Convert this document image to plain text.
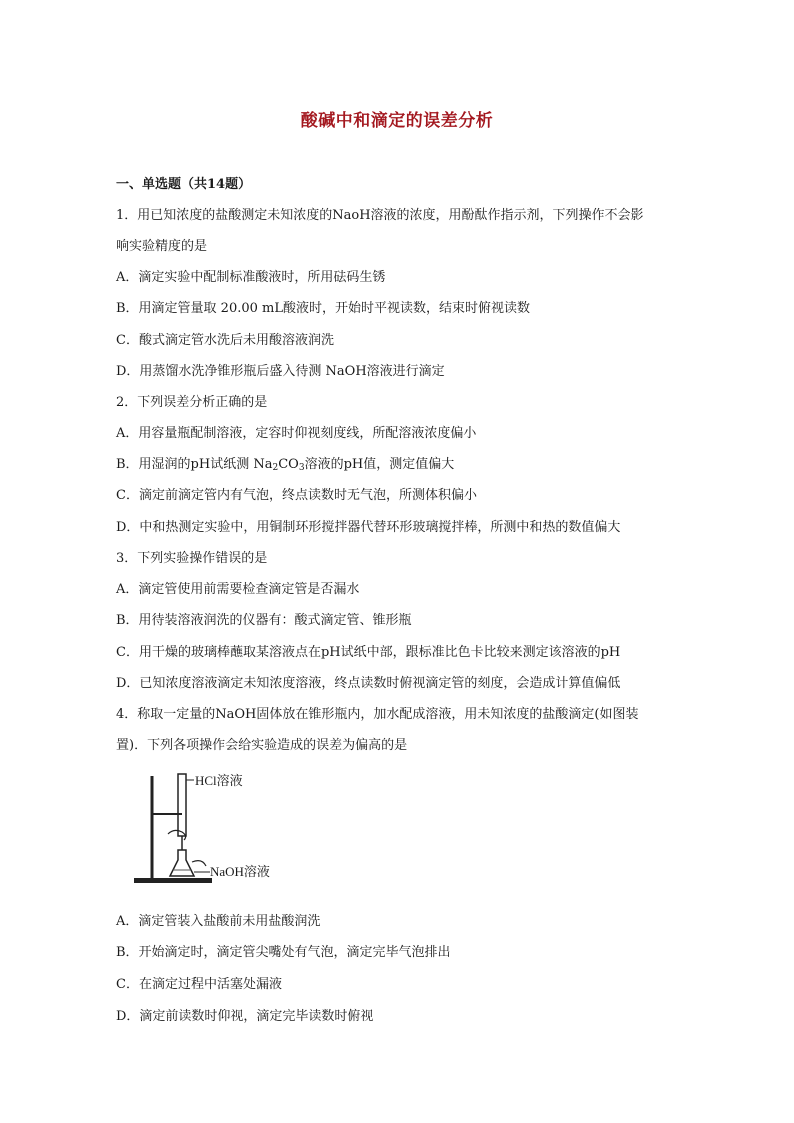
酸碱中和滴定的误差分析
一、单选题（共14题）
1．用已知浓度的盐酸测定未知浓度的NaoH溶液的浓度，用酚酞作指示剂，下列操作不会影
响实验精度的是
A．滴定实验中配制标准酸液时，所用砝码生锈
B．用滴定管量取 20.00 mL酸液时，开始时平视读数，结束时俯视读数
C．酸式滴定管水洗后未用酸溶液润洗
D．用蒸馏水洗净锥形瓶后盛入待测 NaOH溶液进行滴定
2．下列误差分析正确的是
A．用容量瓶配制溶液，定容时仰视刻度线，所配溶液浓度偏小
B．用湿润的pH试纸测 $Na_2CO_3$溶液的pH值，测定值偏大
C．滴定前滴定管内有气泡，终点读数时无气泡，所测体积偏小
D．中和热测定实验中，用铜制环形搅拌器代替环形玻璃搅拌棒，所测中和热的数值偏大
3．下列实验操作错误的是
A．滴定管使用前需要检查滴定管是否漏水
B．用待装溶液润洗的仪器有：酸式滴定管、锥形瓶
C．用干燥的玻璃棒蘸取某溶液点在pH试纸中部，跟标准比色卡比较来测定该溶液的pH
D．已知浓度溶液滴定未知浓度溶液，终点读数时俯视滴定管的刻度，会造成计算值偏低
4．称取一定量的NaOH固体放在锥形瓶内，加水配成溶液，用未知浓度的盐酸滴定(如图装
置)．下列各项操作会给实验造成的误差为偏高的是
HCl溶液
NaOH溶液
A．滴定管装入盐酸前未用盐酸润洗
B．开始滴定时，滴定管尖嘴处有气泡，滴定完毕气泡排出
C．在滴定过程中活塞处漏液
D．滴定前读数时仰视，滴定完毕读数时俯视
